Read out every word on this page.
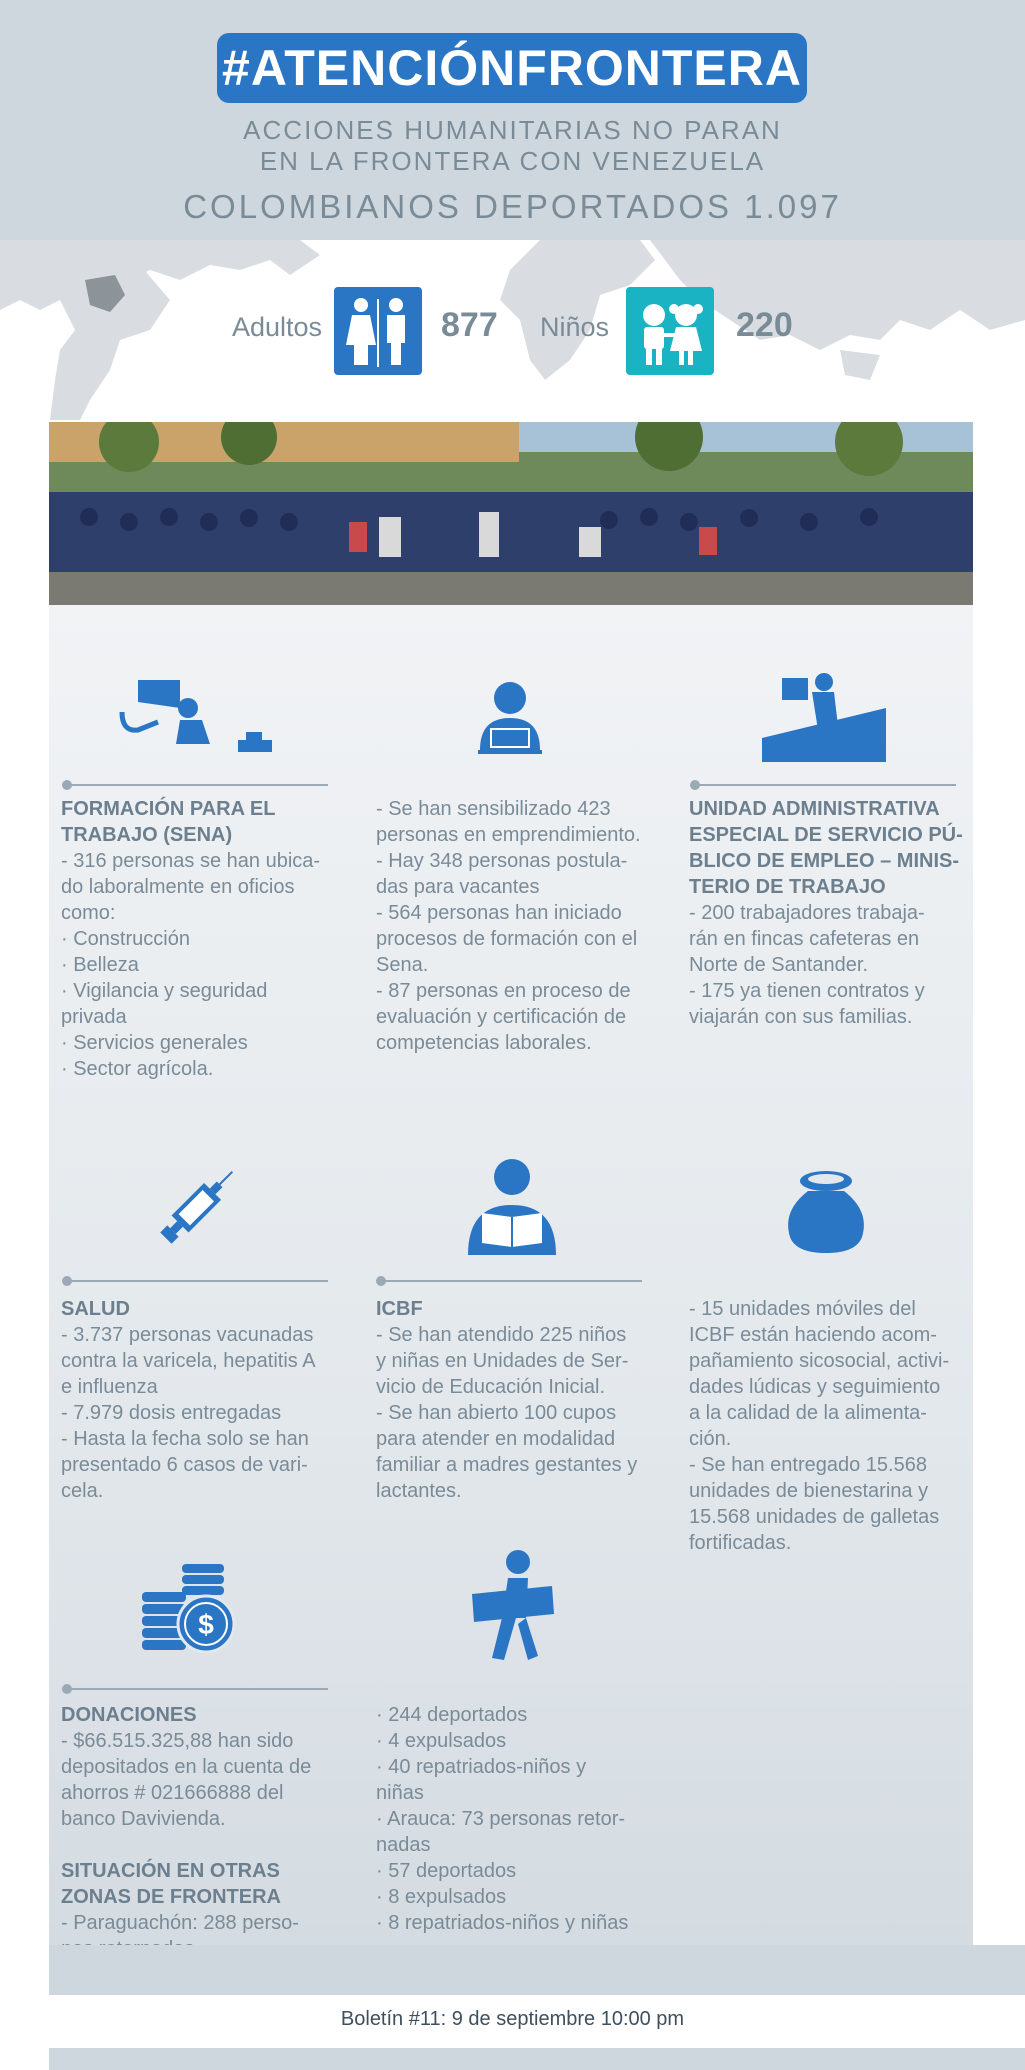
#ATENCIÓNFRONTERA
ACCIONES HUMANITARIAS NO PARAN
EN LA FRONTERA CON VENEZUELA
COLOMBIANOS DEPORTADOS 1.097
Adultos	877 Niños	220
FORMACIÓN PARA EL
TRABAJO (SENA)
- 316 personas se han ubica-
do laboralmente en oficios
como:
· Construcción
· Belleza
· Vigilancia y seguridad
privada
· Servicios generales
· Sector agrícola.
- Se han sensibilizado 423
personas en emprendimiento.
- Hay 348 personas postula-
das para vacantes
- 564 personas han iniciado
procesos de formación con el
Sena.
- 87 personas en proceso de
evaluación y certificación de
competencias laborales.
UNIDAD ADMINISTRATIVA
ESPECIAL DE SERVICIO PÚ-
BLICO DE EMPLEO – MINIS-
TERIO DE TRABAJO
- 200 trabajadores trabaja-
rán en fincas cafeteras en
Norte de Santander.
- 175 ya tienen contratos y
viajarán con sus familias.
SALUD
- 3.737 personas vacunadas
contra la varicela, hepatitis A
e influenza
- 7.979 dosis entregadas
- Hasta la fecha solo se han
presentado 6 casos de vari-
cela.
ICBF
- Se han atendido 225 niños
y niñas en Unidades de Ser-
vicio de Educación Inicial.
- Se han abierto 100 cupos
para atender en modalidad
familiar a madres gestantes y
lactantes.
- 15 unidades móviles del
ICBF están haciendo acom-
pañamiento sicosocial, activi-
dades lúdicas y seguimiento
a la calidad de la alimenta-
ción.
- Se han entregado 15.568
unidades de bienestarina y
15.568 unidades de galletas
fortificadas.
$
DONACIONES
- $66.515.325,88 han sido
depositados en la cuenta de
ahorros # 021666888 del
banco Davivienda.
SITUACIÓN EN OTRAS
ZONAS DE FRONTERA
- Paraguachón: 288 perso-
· 244 deportados
· 4 expulsados
· 40 repatriados-niños y
niñas
· Arauca: 73 personas retor-
nadas
· 57 deportados
· 8 expulsados
· 8 repatriados-niños y niñas
Boletín #11: 9 de septiembre 10:00 pm
